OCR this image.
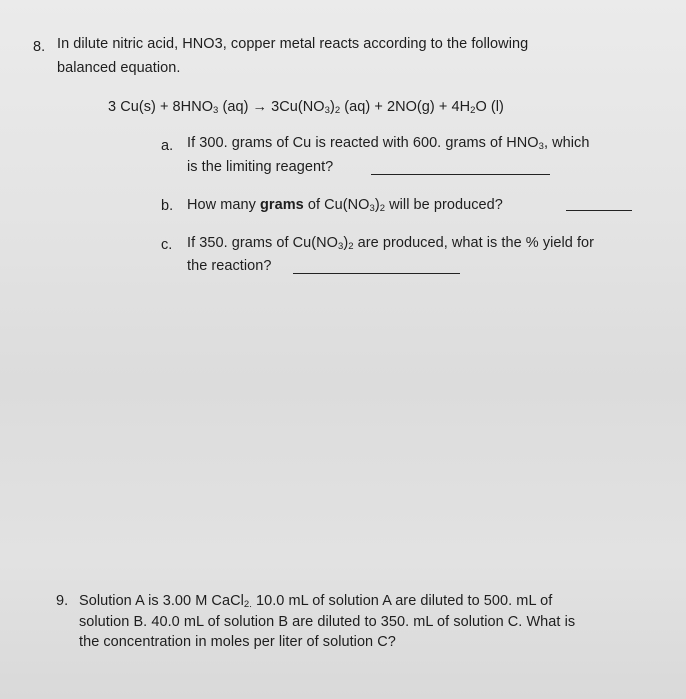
8. In dilute nitric acid, HNO3, copper metal reacts according to the following
balanced equation.
3 $Cu(s) + 8HNO_3$ $(aq) \to 3Cu(NO_3)_2$ $(aq) + 2NO(g) + 4H_2O$ (l)
a. If 300. grams of Cu is reacted with 600. grams of $HNO_3$, which
is the limiting reagent?
b. How many grams of $Cu(NO_3)_2$ will be produced?
c. If 350. grams of $Cu(NO_3)_2$ are produced, what is the % yield for
the reaction?
9. Solution A is 3.00 M CaCl$_{2.}$ 10.0 mL of solution A are diluted to 500. mL of
solution B. 40.0 mL of solution B are diluted to 350. mL of solution C. What is
the concentration in moles per liter of solution C?
